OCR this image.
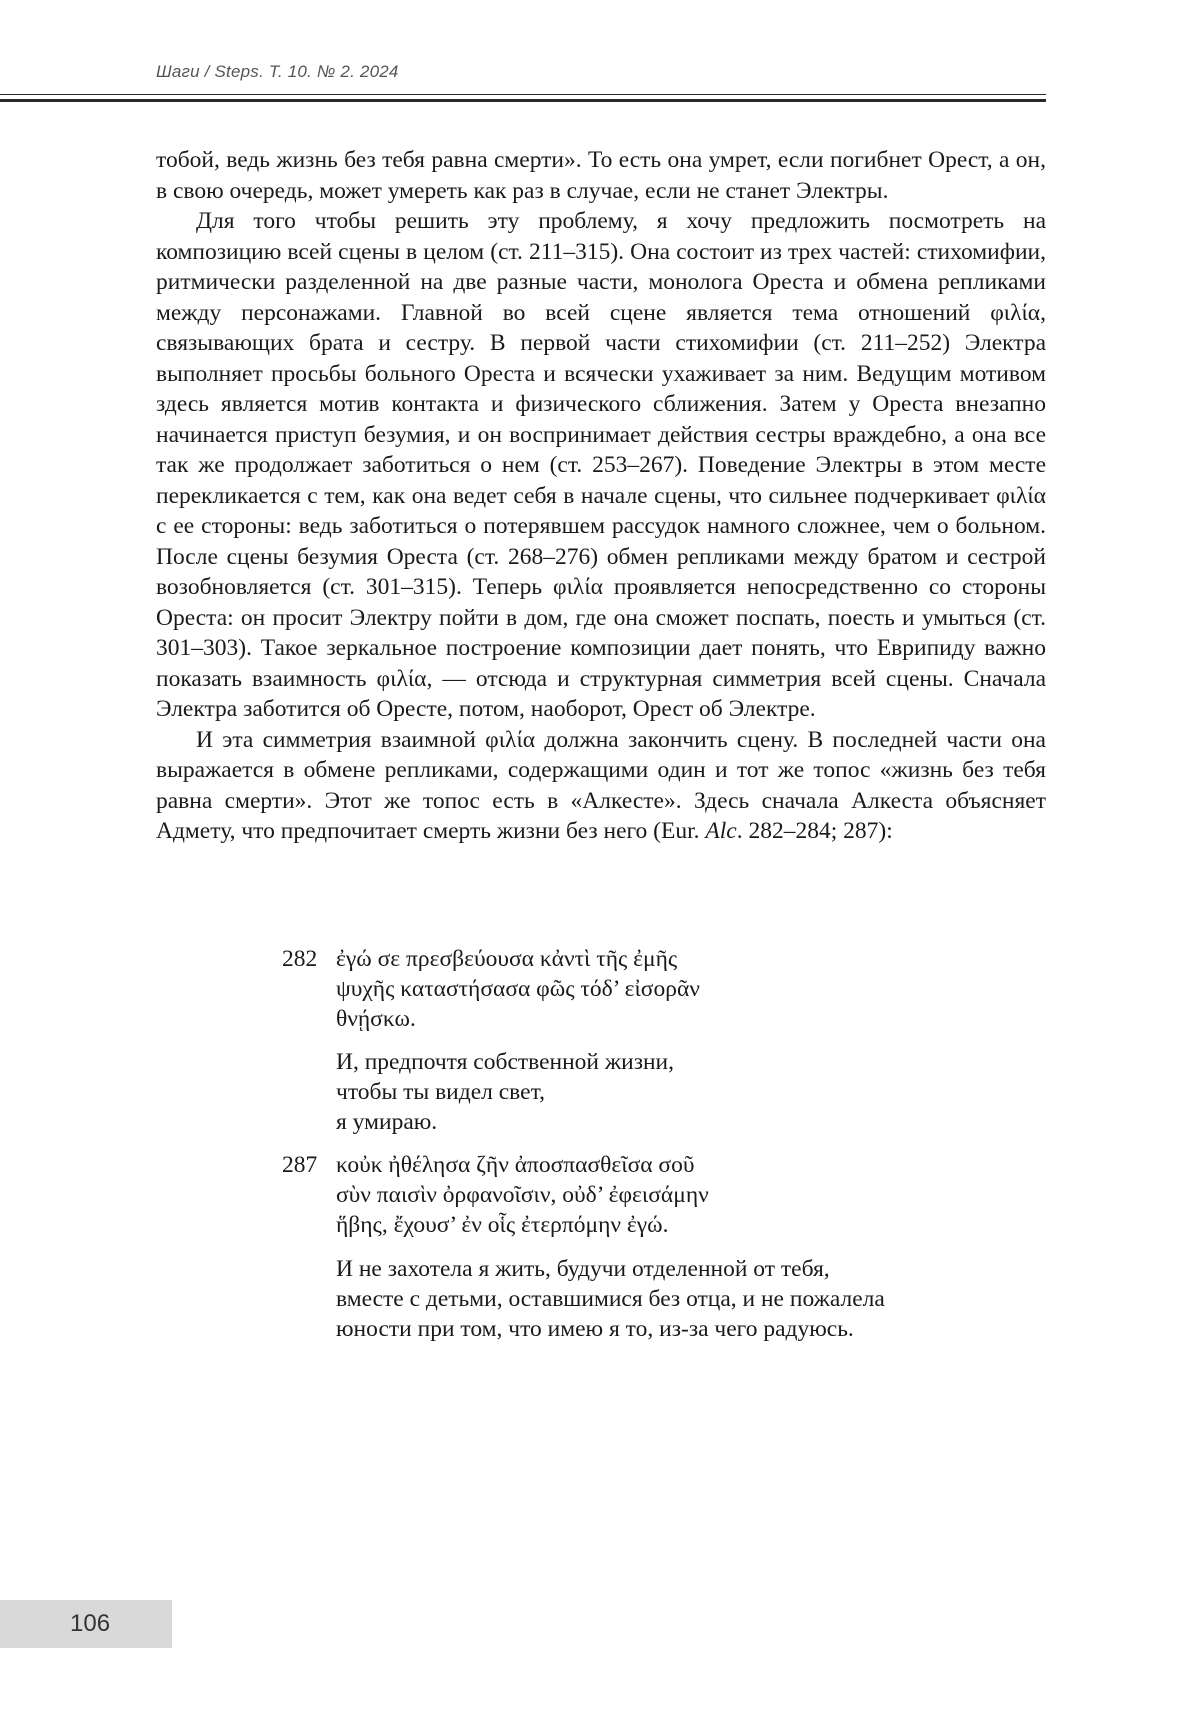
Шаги / Steps. Т. 10. № 2. 2024

тобой, ведь жизнь без тебя равна смерти». То есть она умрет, если погибнет Орест, а он, в свою очередь, может умереть как раз в случае, если не станет Электры.

Для того чтобы решить эту проблему, я хочу предложить посмотреть на композицию всей сцены в целом (ст. 211–315). Она состоит из трех частей: стихомифии, ритмически разделенной на две разные части, монолога Ореста и обмена репликами между персонажами. Главной во всей сцене является тема отношений φιλία, связывающих брата и сестру. В первой части стихомифии (ст. 211–252) Электра выполняет просьбы больного Ореста и всячески ухаживает за ним. Ведущим мотивом здесь является мотив контакта и физического сближения. Затем у Ореста внезапно начинается приступ безумия, и он воспринимает действия сестры враждебно, а она все так же продолжает заботиться о нем (ст. 253–267). Поведение Электры в этом месте перекликается с тем, как она ведет себя в начале сцены, что сильнее подчеркивает φιλία с ее стороны: ведь заботиться о потерявшем рассудок намного сложнее, чем о больном. После сцены безумия Ореста (ст. 268–276) обмен репликами между братом и сестрой возобновляется (ст. 301–315). Теперь φιλία проявляется непосредственно со стороны Ореста: он просит Электру пойти в дом, где она сможет поспать, поесть и умыться (ст. 301–303). Такое зеркальное построение композиции дает понять, что Еврипиду важно показать взаимность φιλία, — отсюда и структурная симметрия всей сцены. Сначала Электра заботится об Оресте, потом, наоборот, Орест об Электре.

И эта симметрия взаимной φιλία должна закончить сцену. В последней части она выражается в обмене репликами, содержащими один и тот же топос «жизнь без тебя равна смерти». Этот же топос есть в «Алкесте». Здесь сначала Алкеста объясняет Адмету, что предпочитает смерть жизни без него (Eur. Alc. 282–284; 287):

282 ἐγώ σε πρεσβεύουσα κἀντὶ τῆς ἐμῆς
ψυχῆς καταστήσασα φῶς τόδ’ εἰσορᾶν
θνῄσκω.
И, предпочтя собственной жизни,
чтобы ты видел свет,
я умираю.
287 κοὐκ ἠθέλησα ζῆν ἀποσπασθεῖσα σοῦ
σὺν παισὶν ὀρφανοῖσιν, οὐδ’ ἐφεισάμην
ἥβης, ἔχουσ’ ἐν οἷς ἐτερπόμην ἐγώ.
И не захотела я жить, будучи отделенной от тебя,
вместе с детьми, оставшимися без отца, и не пожалела
юности при том, что имею я то, из-за чего радуюсь.
106
